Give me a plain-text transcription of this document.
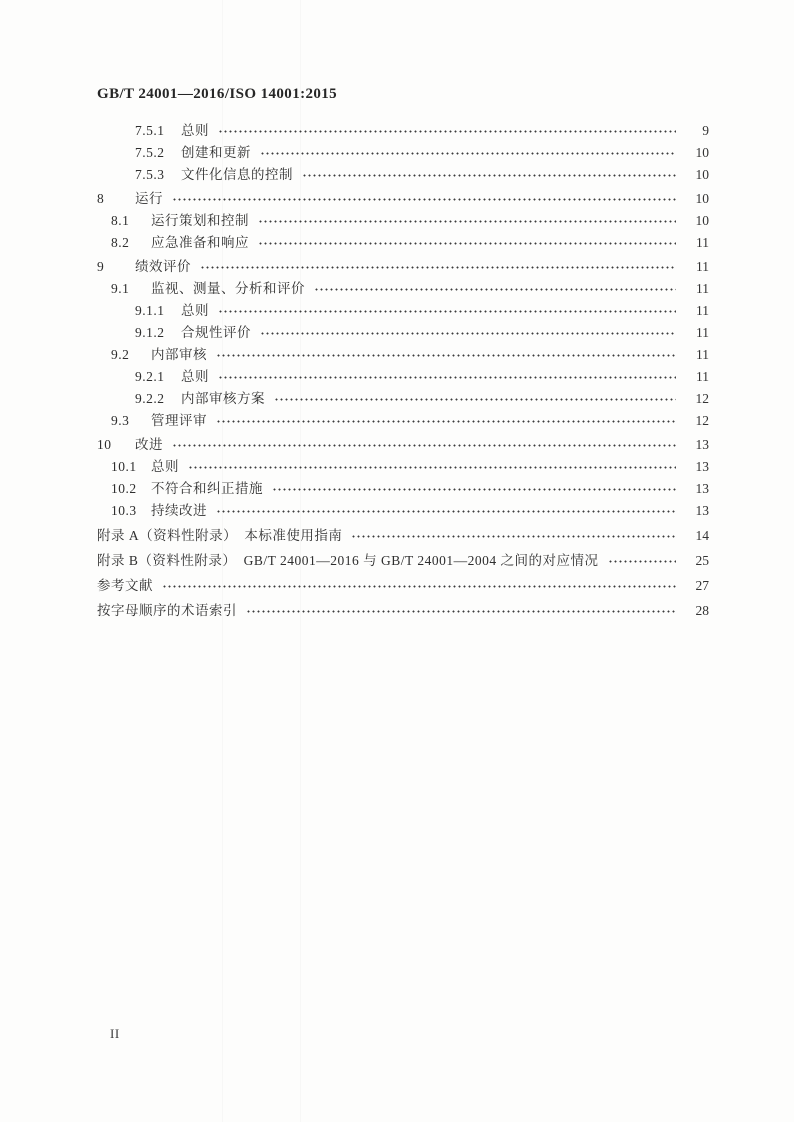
GB/T 24001—2016/ISO 14001:2015
7.5.1	总则	9
7.5.2	创建和更新	10
7.5.3	文件化信息的控制	10
8	运行	10
8.1	运行策划和控制	10
8.2	应急准备和响应	11
9	绩效评价	11
9.1	监视、测量、分析和评价	11
9.1.1	总则	11
9.1.2	合规性评价	11
9.2	内部审核	11
9.2.1	总则	11
9.2.2	内部审核方案	12
9.3	管理评审	12
10	改进	13
10.1	总则	13
10.2	不符合和纠正措施	13
10.3	持续改进	13
附录 A（资料性附录）　本标准使用指南	14
附录 B（资料性附录）　GB/T 24001—2016 与 GB/T 24001—2004 之间的对应情况	25
参考文献	27
按字母顺序的术语索引	28
II
